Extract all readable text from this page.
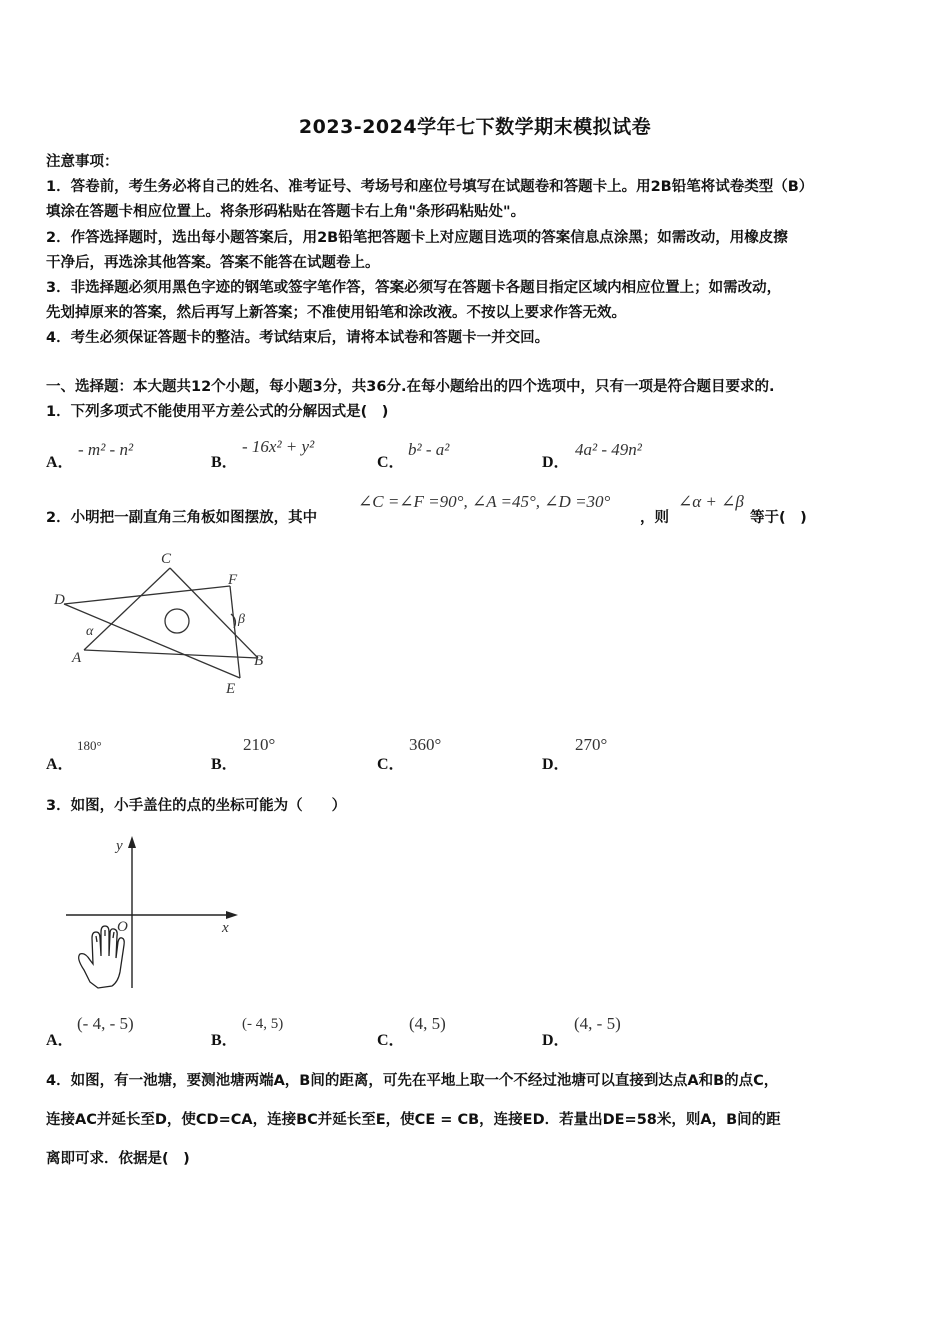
2023-2024学年七下数学期末模拟试卷
注意事项：
1．答卷前，考生务必将自己的姓名、准考证号、考场号和座位号填写在试题卷和答题卡上。用2B铅笔将试卷类型（B）
填涂在答题卡相应位置上。将条形码粘贴在答题卡右上角"条形码粘贴处"。
2．作答选择题时，选出每小题答案后，用2B铅笔把答题卡上对应题目选项的答案信息点涂黑；如需改动，用橡皮擦
干净后，再选涂其他答案。答案不能答在试题卷上。
3．非选择题必须用黑色字迹的钢笔或签字笔作答，答案必须写在答题卡各题目指定区域内相应位置上；如需改动，
先划掉原来的答案，然后再写上新答案；不准使用铅笔和涂改液。不按以上要求作答无效。
4．考生必须保证答题卡的整洁。考试结束后，请将本试卷和答题卡一并交回。
一、选择题：本大题共12个小题，每小题3分，共36分.在每小题给出的四个选项中，只有一项是符合题目要求的.
1．下列多项式不能使用平方差公式的分解因式是(　)
A．
- m² - n²
B．
- 16x² + y²
C．
b² - a²
D．
4a² - 49n²
2．小明把一副直角三角板如图摆放，其中
∠C =∠F =90°, ∠A =45°, ∠D =30°
，则
∠α + ∠β
等于(　)
C
F
D
α
β
A	B
E
A．
180°
B．
210°
C．
360°
D．
270°
3．如图，小手盖住的点的坐标可能为（　　）
y
x
O
A．
(- 4, - 5)
B．
(- 4, 5)
C．
(4, 5)
D．
(4, - 5)
4．如图，有一池塘，要测池塘两端A，B间的距离，可先在平地上取一个不经过池塘可以直接到达点A和B的点C，
连接AC并延长至D，使CD=CA，连接BC并延长至E，使CE = CB，连接ED．若量出DE=58米，则A，B间的距
离即可求．依据是(　)
